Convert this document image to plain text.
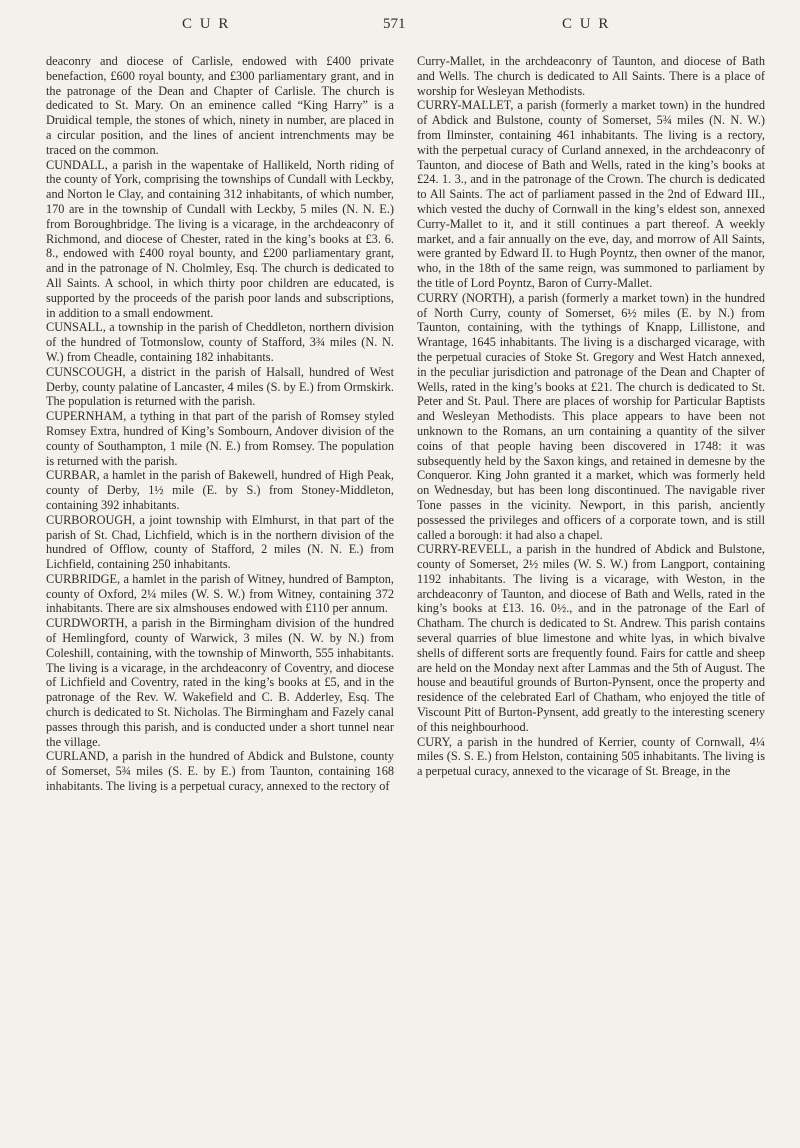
C U R	571	C U R

deaconry and diocese of Carlisle, endowed with £400 private benefaction, £600 royal bounty, and £300 parliamentary grant, and in the patronage of the Dean and Chapter of Carlisle. The church is dedicated to St. Mary. On an eminence called “King Harry” is a Druidical temple, the stones of which, ninety in number, are placed in a circular position, and the lines of ancient intrenchments may be traced on the common.

CUNDALL, a parish in the wapentake of Hallikeld, North riding of the county of York, comprising the townships of Cundall with Leckby, and Norton le Clay, and containing 312 inhabitants, of which number, 170 are in the township of Cundall with Leckby, 5 miles (N. N. E.) from Boroughbridge. The living is a vicarage, in the archdeaconry of Richmond, and diocese of Chester, rated in the king’s books at £3. 6. 8., endowed with £400 royal bounty, and £200 parliamentary grant, and in the patronage of N. Cholmley, Esq. The church is dedicated to All Saints. A school, in which thirty poor children are educated, is supported by the proceeds of the parish poor lands and subscriptions, in addition to a small endowment.

CUNSALL, a township in the parish of Cheddleton, northern division of the hundred of Totmonslow, county of Stafford, 3¾ miles (N. N. W.) from Cheadle, containing 182 inhabitants.

CUNSCOUGH, a district in the parish of Halsall, hundred of West Derby, county palatine of Lancaster, 4 miles (S. by E.) from Ormskirk. The population is returned with the parish.

CUPERNHAM, a tything in that part of the parish of Romsey styled Romsey Extra, hundred of King’s Sombourn, Andover division of the county of Southampton, 1 mile (N. E.) from Romsey. The population is returned with the parish.

CURBAR, a hamlet in the parish of Bakewell, hundred of High Peak, county of Derby, 1½ mile (E. by S.) from Stoney-Middleton, containing 392 inhabitants.

CURBOROUGH, a joint township with Elmhurst, in that part of the parish of St. Chad, Lichfield, which is in the northern division of the hundred of Offlow, county of Stafford, 2 miles (N. N. E.) from Lichfield, containing 250 inhabitants.

CURBRIDGE, a hamlet in the parish of Witney, hundred of Bampton, county of Oxford, 2¼ miles (W. S. W.) from Witney, containing 372 inhabitants. There are six almshouses endowed with £110 per annum.

CURDWORTH, a parish in the Birmingham division of the hundred of Hemlingford, county of Warwick, 3 miles (N. W. by N.) from Coleshill, containing, with the township of Minworth, 555 inhabitants. The living is a vicarage, in the archdeaconry of Coventry, and diocese of Lichfield and Coventry, rated in the king’s books at £5, and in the patronage of the Rev. W. Wakefield and C. B. Adderley, Esq. The church is dedicated to St. Nicholas. The Birmingham and Fazely canal passes through this parish, and is conducted under a short tunnel near the village.

CURLAND, a parish in the hundred of Abdick and Bulstone, county of Somerset, 5¾ miles (S. E. by E.) from Taunton, containing 168 inhabitants. The living is a perpetual curacy, annexed to the rectory of

Curry-Mallet, in the archdeaconry of Taunton, and diocese of Bath and Wells. The church is dedicated to All Saints. There is a place of worship for Wesleyan Methodists.

CURRY-MALLET, a parish (formerly a market town) in the hundred of Abdick and Bulstone, county of Somerset, 5¾ miles (N. N. W.) from Ilminster, containing 461 inhabitants. The living is a rectory, with the perpetual curacy of Curland annexed, in the archdeaconry of Taunton, and diocese of Bath and Wells, rated in the king’s books at £24. 1. 3., and in the patronage of the Crown. The church is dedicated to All Saints. The act of parliament passed in the 2nd of Edward III., which vested the duchy of Cornwall in the king’s eldest son, annexed Curry-Mallet to it, and it still continues a part thereof. A weekly market, and a fair annually on the eve, day, and morrow of All Saints, were granted by Edward II. to Hugh Poyntz, then owner of the manor, who, in the 18th of the same reign, was summoned to parliament by the title of Lord Poyntz, Baron of Curry-Mallet.

CURRY (NORTH), a parish (formerly a market town) in the hundred of North Curry, county of Somerset, 6½ miles (E. by N.) from Taunton, containing, with the tythings of Knapp, Lillistone, and Wrantage, 1645 inhabitants. The living is a discharged vicarage, with the perpetual curacies of Stoke St. Gregory and West Hatch annexed, in the peculiar jurisdiction and patronage of the Dean and Chapter of Wells, rated in the king’s books at £21. The church is dedicated to St. Peter and St. Paul. There are places of worship for Particular Baptists and Wesleyan Methodists. This place appears to have been not unknown to the Romans, an urn containing a quantity of the silver coins of that people having been discovered in 1748: it was subsequently held by the Saxon kings, and retained in demesne by the Conqueror. King John granted it a market, which was formerly held on Wednesday, but has been long discontinued. The navigable river Tone passes in the vicinity. Newport, in this parish, anciently possessed the privileges and officers of a corporate town, and is still called a borough: it had also a chapel.

CURRY-REVELL, a parish in the hundred of Abdick and Bulstone, county of Somerset, 2½ miles (W. S. W.) from Langport, containing 1192 inhabitants. The living is a vicarage, with Weston, in the archdeaconry of Taunton, and diocese of Bath and Wells, rated in the king’s books at £13. 16. 0½., and in the patronage of the Earl of Chatham. The church is dedicated to St. Andrew. This parish contains several quarries of blue limestone and white lyas, in which bivalve shells of different sorts are frequently found. Fairs for cattle and sheep are held on the Monday next after Lammas and the 5th of August. The house and beautiful grounds of Burton-Pynsent, once the property and residence of the celebrated Earl of Chatham, who enjoyed the title of Viscount Pitt of Burton-Pynsent, add greatly to the interesting scenery of this neighbourhood.

CURY, a parish in the hundred of Kerrier, county of Cornwall, 4¼ miles (S. S. E.) from Helston, containing 505 inhabitants. The living is a perpetual curacy, annexed to the vicarage of St. Breage, in the
